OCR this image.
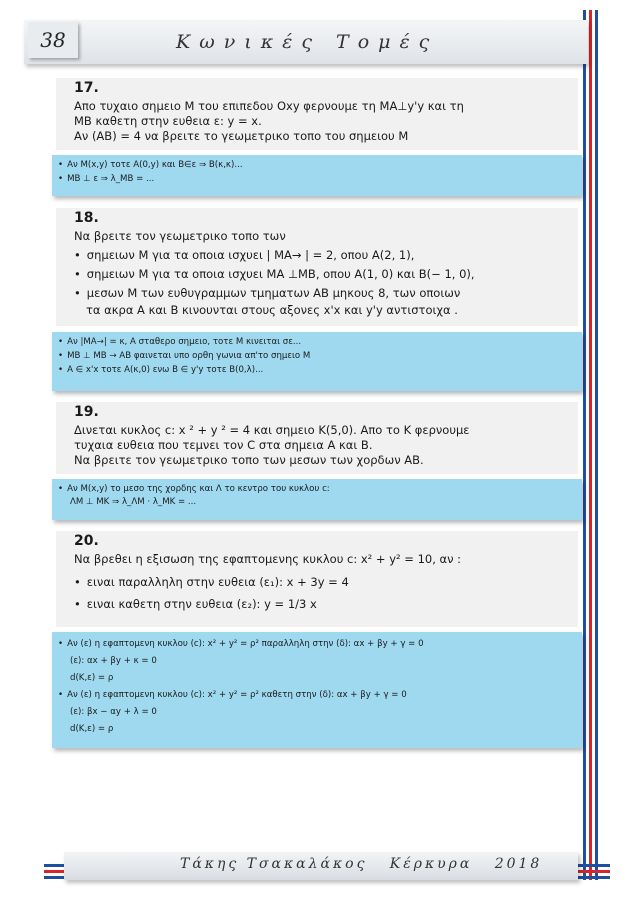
38	Κωνικές Τομές
17.
Απο τυχαιο σημειο Μ του επιπεδου Oxy φερνουμε τη ΜΑ⊥y'y και τη
ΜΒ καθετη στην ευθεια ε: y = x.
Αν (ΑΒ) = 4 να βρειτε το γεωμετρικο τοπο του σημειου Μ
• Αν Μ(x,y) τοτε Α(0,y) και Β∈ε ⇒ Β(κ,κ)...
• ΜΒ ⊥ ε ⇒ λ_ΜΒ = ...
18.
Να βρειτε τον γεωμετρικο τοπο των
• σημειων Μ για τα οποια ισχυει | ΜΑ→ | = 2, οπου Α(2, 1),
• σημειων Μ για τα οποια ισχυει ΜΑ ⊥ΜΒ, οπου Α(1, 0) και Β(− 1, 0),
• μεσων Μ των ευθυγραμμων τμηματων ΑΒ μηκους 8, των οποιων
τα ακρα Α και Β κινουνται στους αξονες x'x και y'y αντιστοιχα .
• Αν |ΜΑ→| = κ, Α σταθερο σημειο, τοτε Μ κινειται σε...
• ΜΒ ⊥ ΜΒ → ΑΒ φαινεται υπο ορθη γωνια απ'το σημειο Μ
• Α ∈ x'x τοτε Α(κ,0) ενω Β ∈ y'y τοτε Β(0,λ)...
19.
Δινεται κυκλος c: x ² + y ² = 4 και σημειο Κ(5,0). Απο το Κ φερνουμε
τυχαια ευθεια που τεμνει τον C στα σημεια Α και Β.
Να βρειτε τον γεωμετρικο τοπο των μεσων των χορδων ΑΒ.
• Αν Μ(x,y) το μεσο της χορδης και Λ το κεντρο του κυκλου c:
ΛΜ ⊥ ΜΚ ⇒ λ_ΛΜ · λ_ΜΚ = ...
20.
Να βρεθει η εξισωση της εφαπτομενης κυκλου c: x² + y² = 10, αν :
• ειναι παραλληλη στην ευθεια (ε₁): x + 3y = 4
• ειναι καθετη στην ευθεια (ε₂): y = 1/3 x
• Αν (ε) η εφαπτομενη κυκλου (c): x² + y² = ρ² παραλληλη στην (δ): αx + βy + γ = 0
(ε): αx + βy + κ = 0
d(Κ,ε) = ρ
• Αν (ε) η εφαπτομενη κυκλου (c): x² + y² = ρ² καθετη στην (δ): αx + βy + γ = 0
(ε): βx − αy + λ = 0
d(Κ,ε) = ρ
Τάκης Τσακαλάκος   Κέρκυρα   2018
